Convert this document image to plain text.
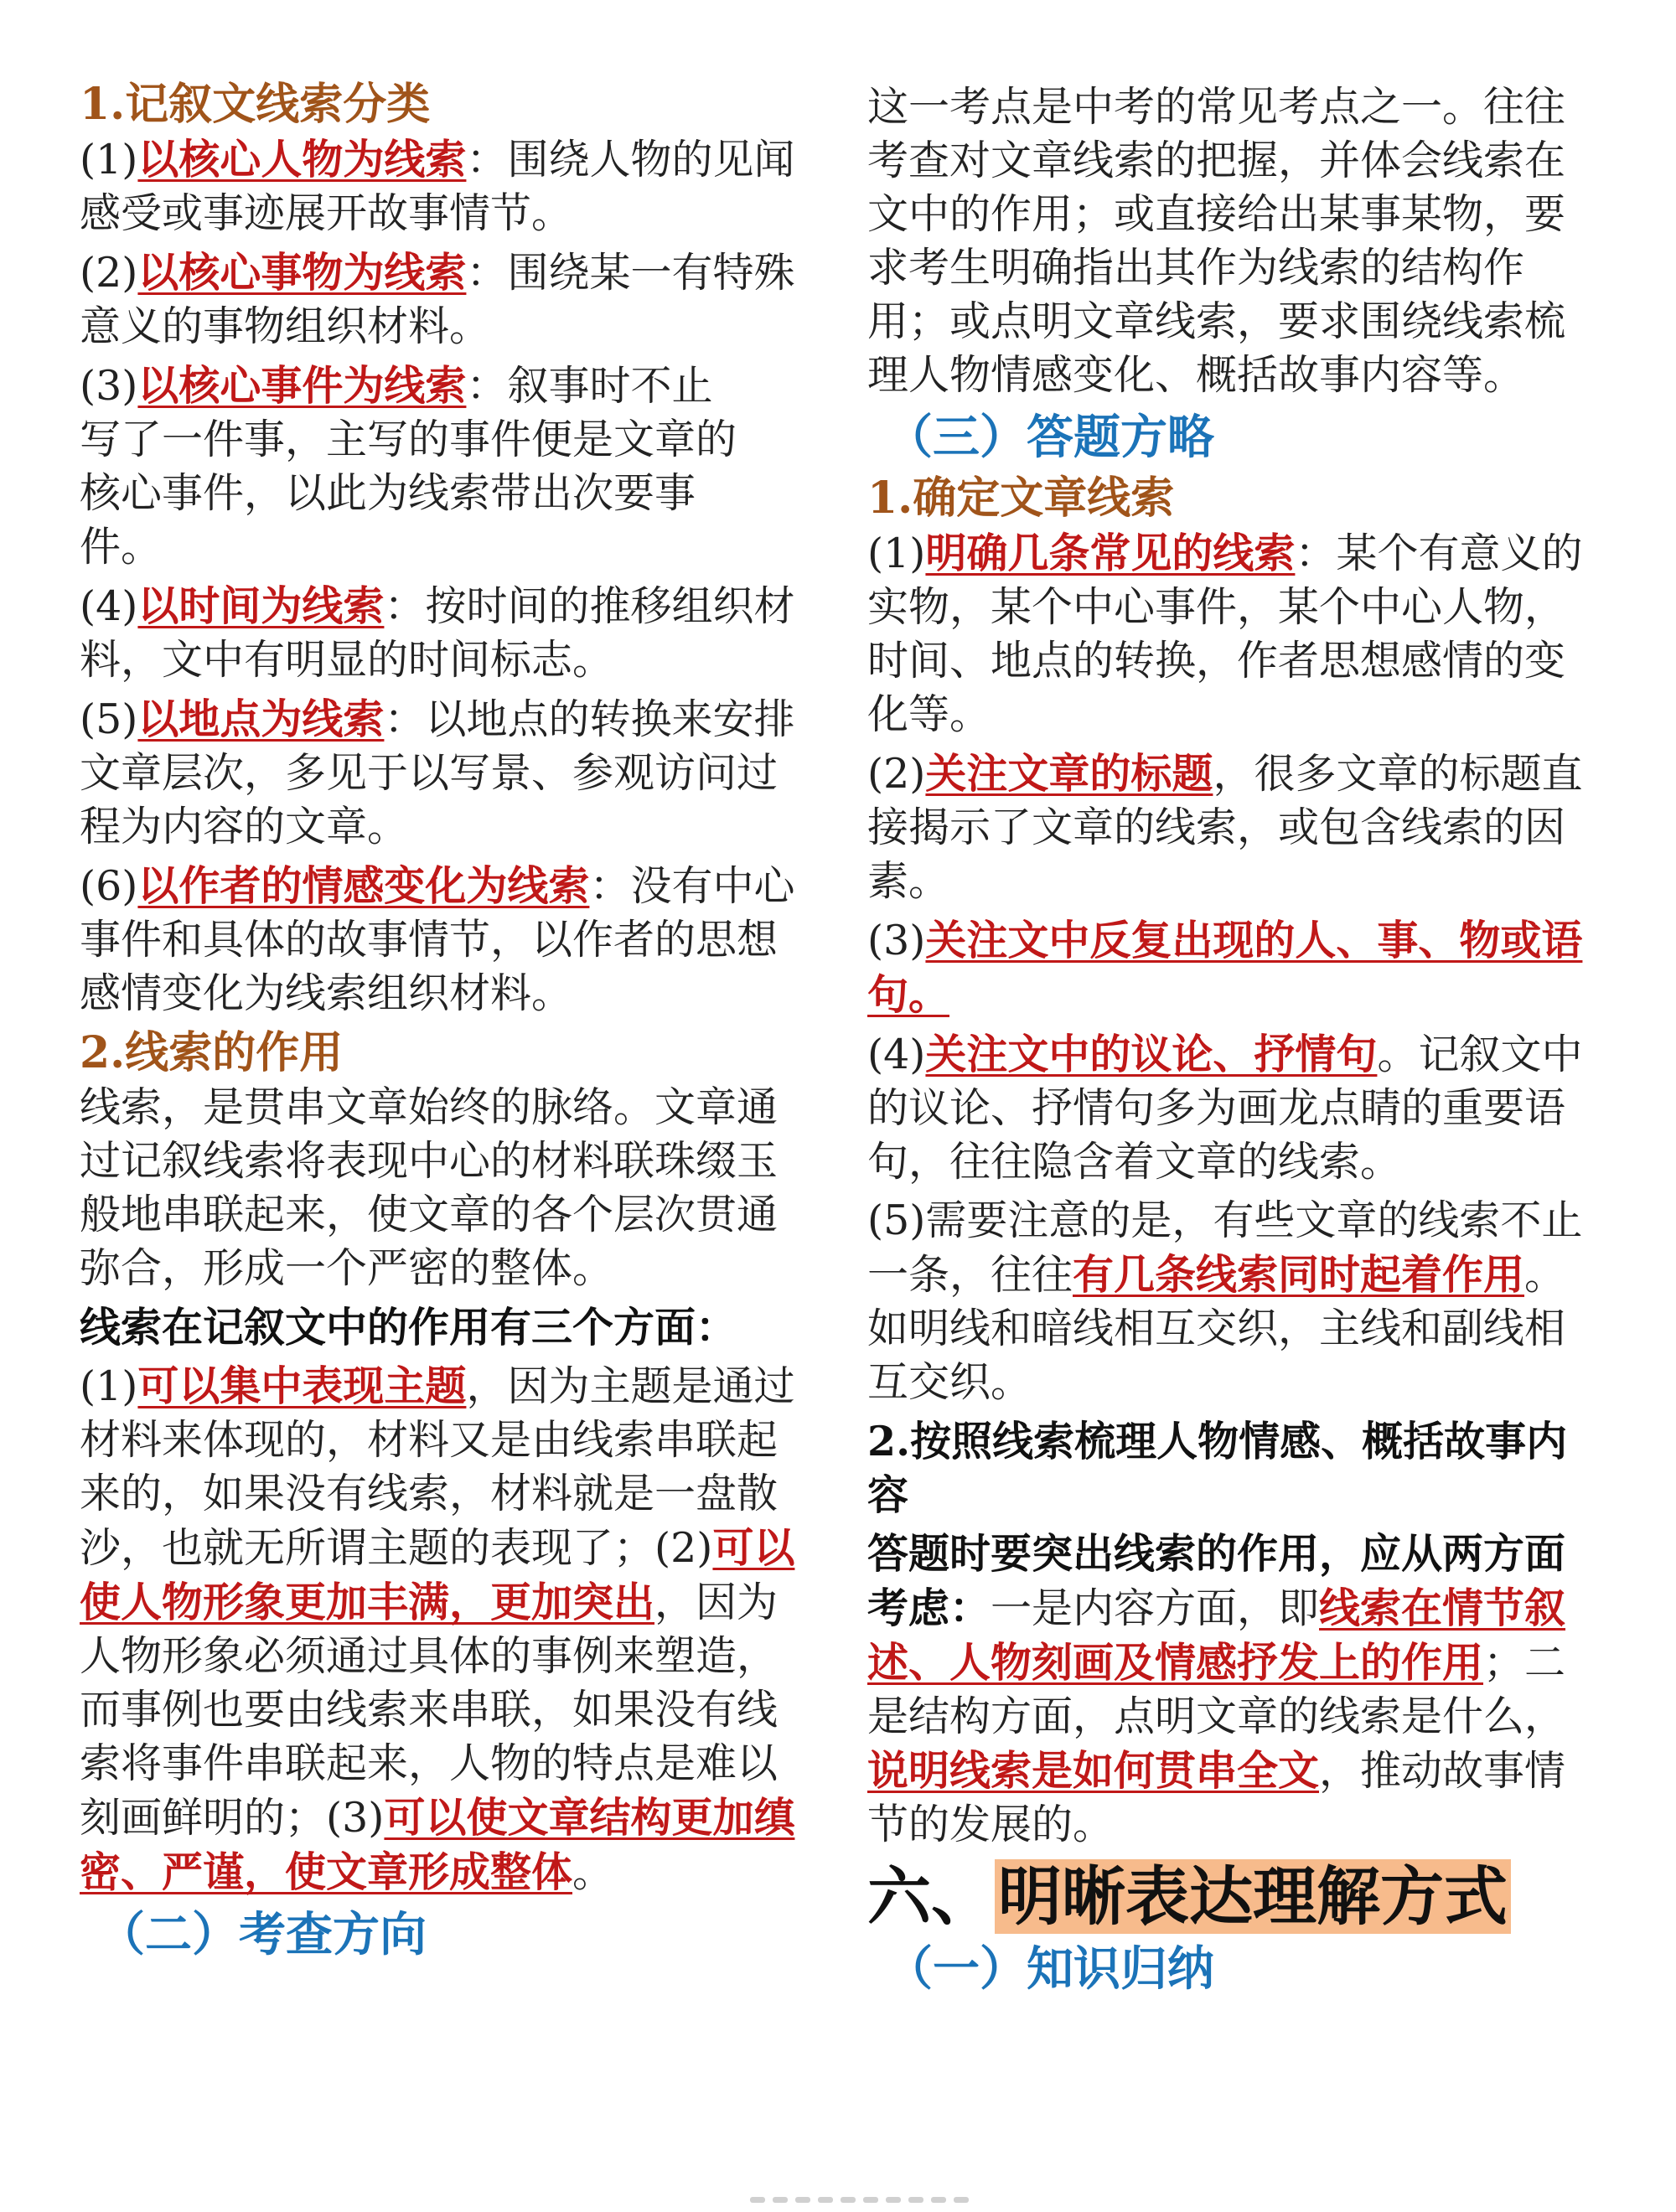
1.记叙文线索分类
(1)以核心人物为线索：围绕人物的见闻感受或事迹展开故事情节。
(2)以核心事物为线索：围绕某一有特殊意义的事物组织材料。
(3)以核心事件为线索：叙事时不止写了一件事，主写的事件便是文章的核心事件，以此为线索带出次要事件。
(4)以时间为线索：按时间的推移组织材料，文中有明显的时间标志。
(5)以地点为线索：以地点的转换来安排文章层次，多见于以写景、参观访问过程为内容的文章。
(6)以作者的情感变化为线索：没有中心事件和具体的故事情节，以作者的思想感情变化为线索组织材料。
2.线索的作用
线索，是贯串文章始终的脉络。文章通过记叙线索将表现中心的材料联珠缀玉般地串联起来，使文章的各个层次贯通弥合，形成一个严密的整体。
线索在记叙文中的作用有三个方面：
(1)可以集中表现主题，因为主题是通过材料来体现的，材料又是由线索串联起来的，如果没有线索，材料就是一盘散沙，也就无所谓主题的表现了；(2)可以使人物形象更加丰满，更加突出，因为人物形象必须通过具体的事例来塑造，而事例也要由线索来串联，如果没有线索将事件串联起来，人物的特点是难以刻画鲜明的；(3)可以使文章结构更加缜密、严谨，使文章形成整体。
（二）考查方向
这一考点是中考的常见考点之一。往往考查对文章线索的把握，并体会线索在文中的作用；或直接给出某事某物，要求考生明确指出其作为线索的结构作用；或点明文章线索，要求围绕线索梳理人物情感变化、概括故事内容等。
（三）答题方略
1.确定文章线索
(1)明确几条常见的线索：某个有意义的实物，某个中心事件，某个中心人物，时间、地点的转换，作者思想感情的变化等。
(2)关注文章的标题，很多文章的标题直接揭示了文章的线索，或包含线索的因素。
(3)关注文中反复出现的人、事、物或语句。
(4)关注文中的议论、抒情句。记叙文中的议论、抒情句多为画龙点睛的重要语句，往往隐含着文章的线索。
(5)需要注意的是，有些文章的线索不止一条，往往有几条线索同时起着作用。如明线和暗线相互交织，主线和副线相互交织。
2.按照线索梳理人物情感、概括故事内容
答题时要突出线索的作用，应从两方面考虑：一是内容方面，即线索在情节叙述、人物刻画及情感抒发上的作用；二是结构方面，点明文章的线索是什么，说明线索是如何贯串全文，推动故事情节的发展的。
六、明晰表达理解方式
（一）知识归纳
